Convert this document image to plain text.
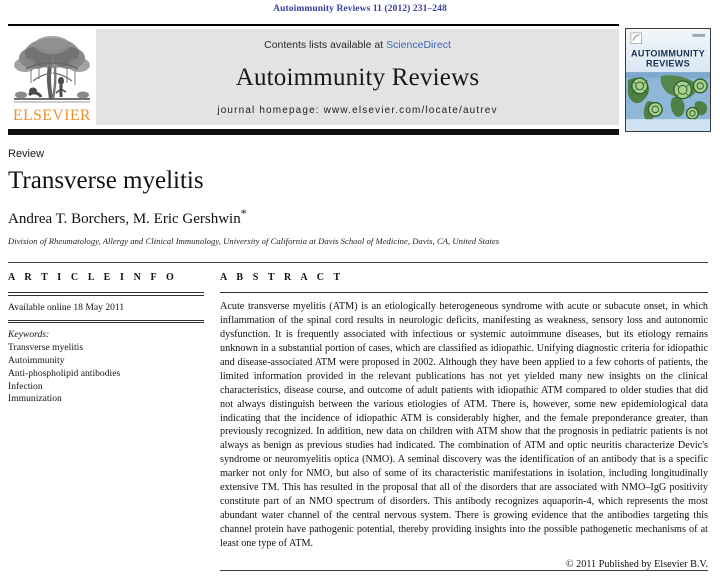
Autoimmunity Reviews 11 (2012) 231–248
ELSEVIER
Contents lists available at ScienceDirect
Autoimmunity Reviews
journal homepage: www.elsevier.com/locate/autrev
AUTOIMMUNITY
REVIEWS
Review
Transverse myelitis
Andrea T. Borchers, M. Eric Gershwin*
Division of Rheumatology, Allergy and Clinical Immunology, University of California at Davis School of Medicine, Davis, CA, United States
A R T I C L E I N F O
Available online 18 May 2011
Keywords:
Transverse myelitis
Autoimmunity
Anti-phospholipid antibodies
Infection
Immunization
A B S T R A C T
Acute transverse myelitis (ATM) is an etiologically heterogeneous syndrome with acute or subacute onset, in which inflammation of the spinal cord results in neurologic deficits, manifesting as weakness, sensory loss and autonomic dysfunction. It is frequently associated with infectious or systemic autoimmune diseases, but its etiology remains unknown in a substantial portion of cases, which are classified as idiopathic. Unifying diagnostic criteria for idiopathic and disease-associated ATM were proposed in 2002. Although they have been applied to a few cohorts of patients, the limited information provided in the relevant publications has not yet yielded many new insights on the clinical characteristics, disease course, and outcome of adult patients with idiopathic ATM compared to older studies that did not always distinguish between the various etiologies of ATM. There is, however, some new epidemiological data indicating that the incidence of idiopathic ATM is considerably higher, and the female preponderance greater, than previously recognized. In addition, new data on children with ATM show that the prognosis in pediatric patients is not always as benign as previous studies had indicated. The combination of ATM and optic neuritis characterize Devic's syndrome or neuromyelitis optica (NMO). A seminal discovery was the identification of an antibody that is a specific marker not only for NMO, but also of some of its characteristic manifestations in isolation, including longitudinally extensive TM. This has resulted in the proposal that all of the disorders that are associated with NMO–IgG positivity constitute part of an NMO spectrum of disorders. This antibody recognizes aquaporin-4, which represents the most abundant water channel of the central nervous system. There is growing evidence that the antibodies targeting this channel protein have pathogenic potential, thereby providing insights into the possible pathogenetic mechanisms of at least one type of ATM.
© 2011 Published by Elsevier B.V.
